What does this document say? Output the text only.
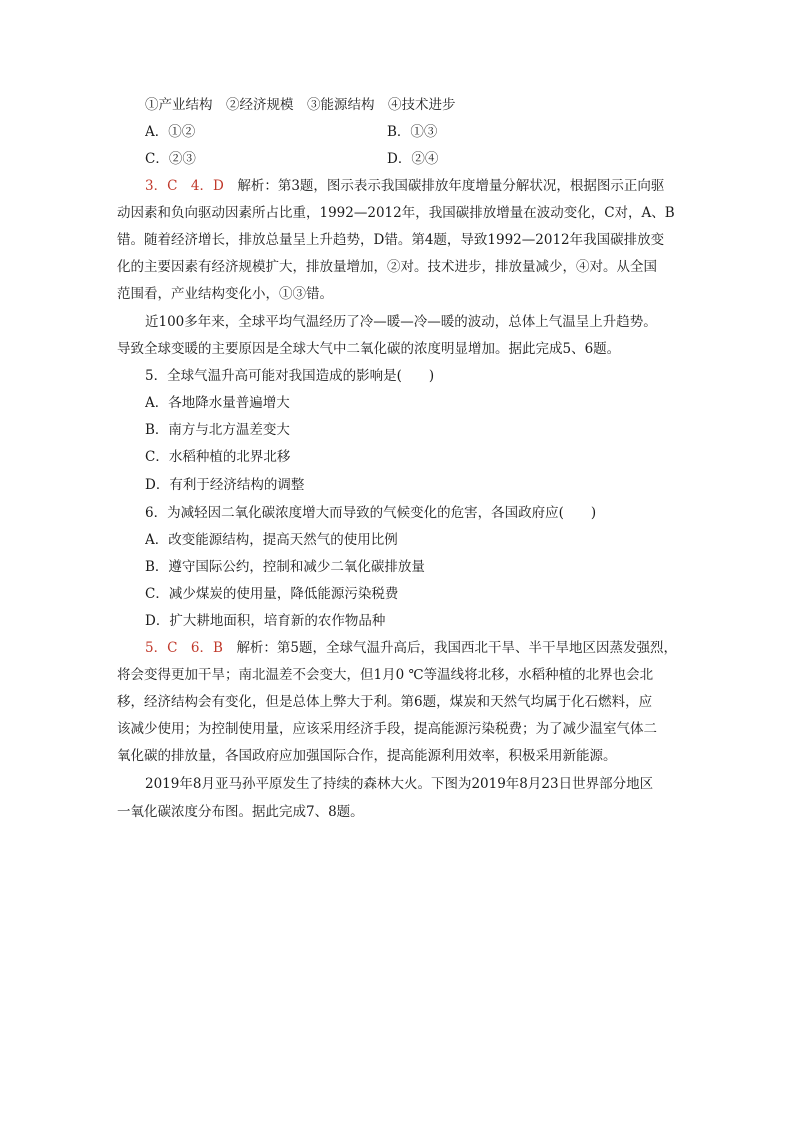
①产业结构　②经济规模　③能源结构　④技术进步
A．①②	B．①③
C．②③	D．②④
3．C　 4．D　 解析：第3题，图示表示我国碳排放年度增量分解状况，根据图示正向驱
动因素和负向驱动因素所占比重，1992—2012年，我国碳排放增量在波动变化，C对，A、B
错。随着经济增长，排放总量呈上升趋势，D错。第4题，导致1992—2012年我国碳排放变
化的主要因素有经济规模扩大，排放量增加，②对。技术进步，排放量减少，④对。从全国
范围看，产业结构变化小，①③错。
近100多年来，全球平均气温经历了冷—暖—冷—暖的波动，总体上气温呈上升趋势。
导致全球变暖的主要原因是全球大气中二氧化碳的浓度明显增加。据此完成5、6题。
5．全球气温升高可能对我国造成的影响是(　　)
A．各地降水量普遍增大
B．南方与北方温差变大
C．水稻种植的北界北移
D．有利于经济结构的调整
6．为减轻因二氧化碳浓度增大而导致的气候变化的危害，各国政府应(　　)
A．改变能源结构，提高天然气的使用比例
B．遵守国际公约，控制和减少二氧化碳排放量
C．减少煤炭的使用量，降低能源污染税费
D．扩大耕地面积，培育新的农作物品种
5．C　 6．B　 解析：第5题，全球气温升高后，我国西北干旱、半干旱地区因蒸发强烈，
将会变得更加干旱；南北温差不会变大，但1月0 ℃等温线将北移，水稻种植的北界也会北
移，经济结构会有变化，但是总体上弊大于利。第6题，煤炭和天然气均属于化石燃料，应
该减少使用；为控制使用量，应该采用经济手段，提高能源污染税费；为了减少温室气体二
氧化碳的排放量，各国政府应加强国际合作，提高能源利用效率，积极采用新能源。
2019年8月亚马孙平原发生了持续的森林大火。下图为2019年8月23日世界部分地区
一氧化碳浓度分布图。据此完成7、8题。
